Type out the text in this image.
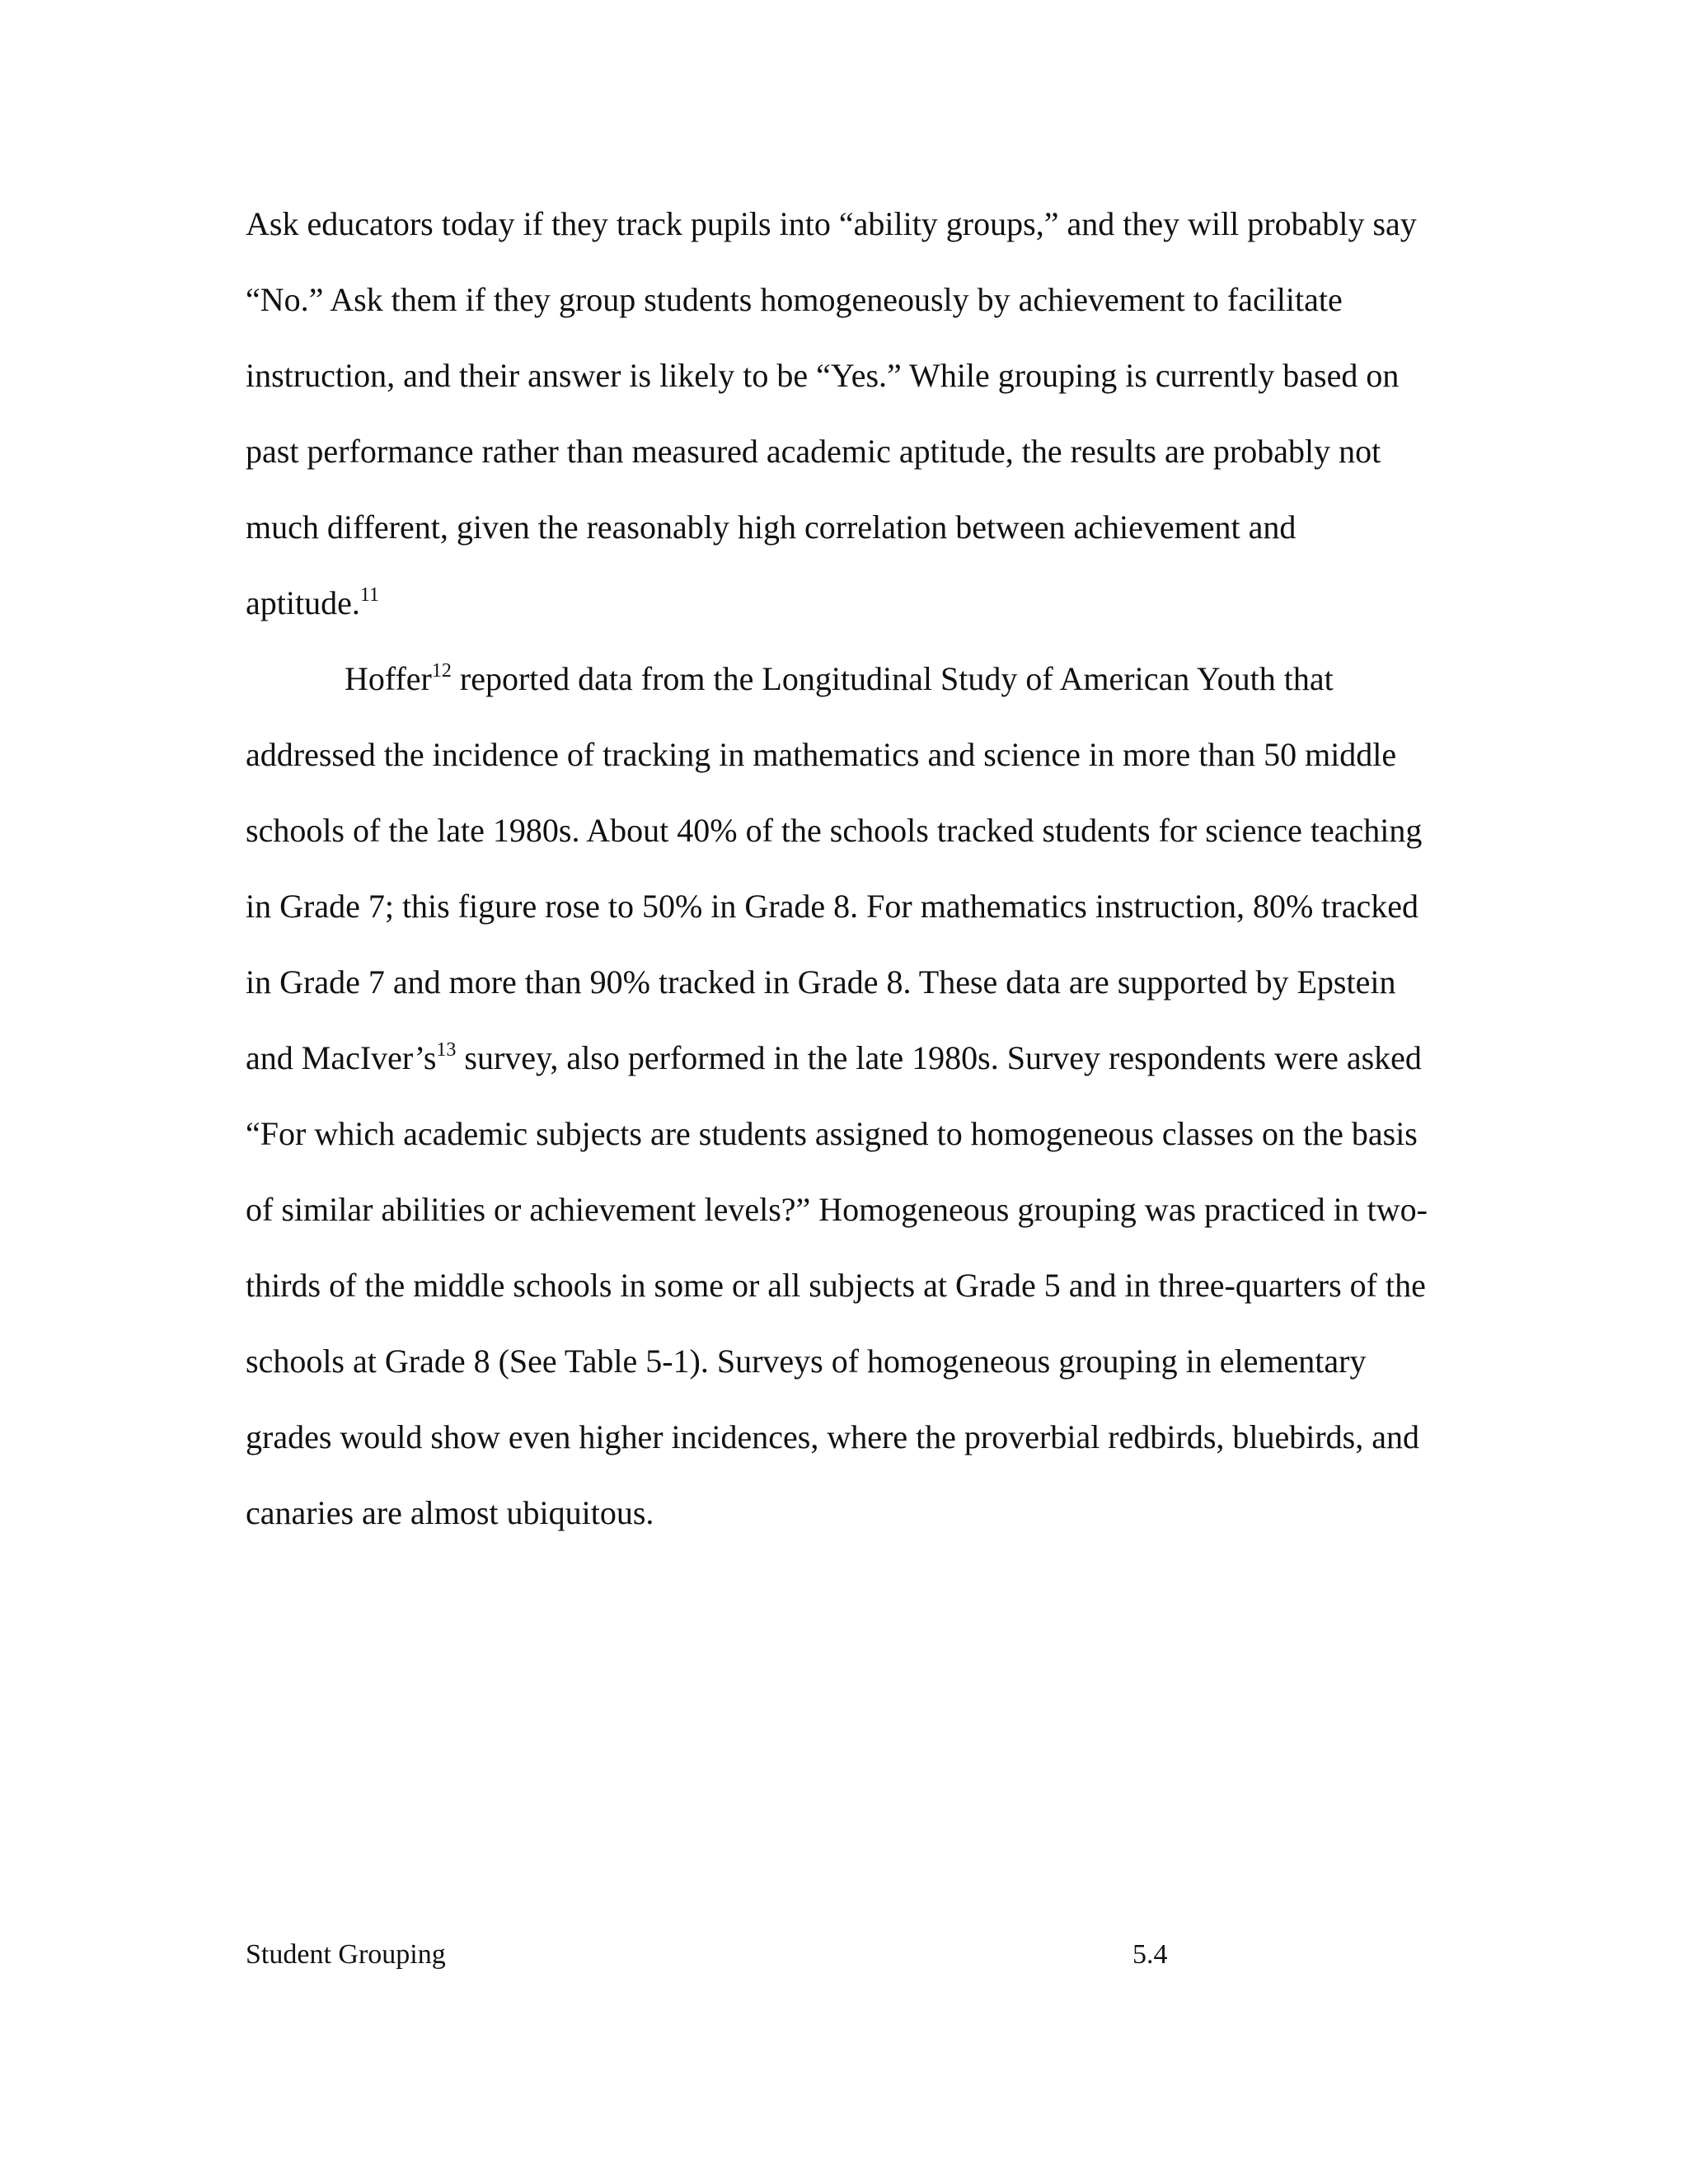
Ask educators today if they track pupils into “ability groups,” and they will probably say
“No.” Ask them if they group students homogeneously by achievement to facilitate
instruction, and their answer is likely to be “Yes.” While grouping is currently based on
past performance rather than measured academic aptitude, the results are probably not
much different, given the reasonably high correlation between achievement and
aptitude.$^{11}$
Hoffer$^{12}$ reported data from the Longitudinal Study of American Youth that
addressed the incidence of tracking in mathematics and science in more than 50 middle
schools of the late 1980s. About 40% of the schools tracked students for science teaching
in Grade 7; this figure rose to 50% in Grade 8. For mathematics instruction, 80% tracked
in Grade 7 and more than 90% tracked in Grade 8. These data are supported by Epstein
and $MacIver’s^{13}$ survey, also performed in the late 1980s. Survey respondents were asked
“For which academic subjects are students assigned to homogeneous classes on the basis
of similar abilities or achievement levels?” Homogeneous grouping was practiced in two-
thirds of the middle schools in some or all subjects at Grade 5 and in three-quarters of the
schools at Grade 8 (See Table 5-1). Surveys of homogeneous grouping in elementary
grades would show even higher incidences, where the proverbial redbirds, bluebirds, and
canaries are almost ubiquitous.
Student Grouping	5.4
